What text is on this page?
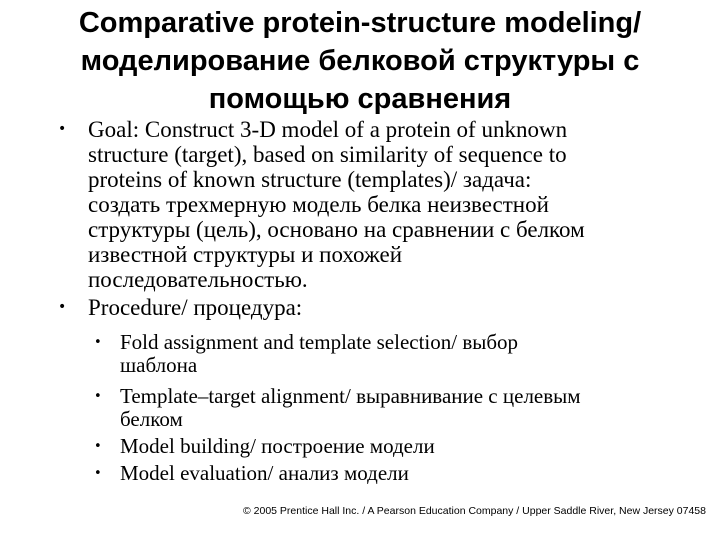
Comparative protein-structure modeling/
моделирование белковой структуры с
помощью сравнения
• Goal: Construct 3-D model of a protein of unknown
structure (target), based on similarity of sequence to
proteins of known structure (templates)/ задача:
создать трехмерную модель белка неизвестной
структуры (цель), основано на сравнении с белком
известной структуры и похожей
последовательностью.
• Procedure/ процедура:
• Fold assignment and template selection/ выбор
шаблона
• Template–target alignment/ выравнивание с целевым
белком
• Model building/ построение модели
• Model evaluation/ анализ модели
© 2005 Prentice Hall Inc. / A Pearson Education Company / Upper Saddle River, New Jersey 07458
